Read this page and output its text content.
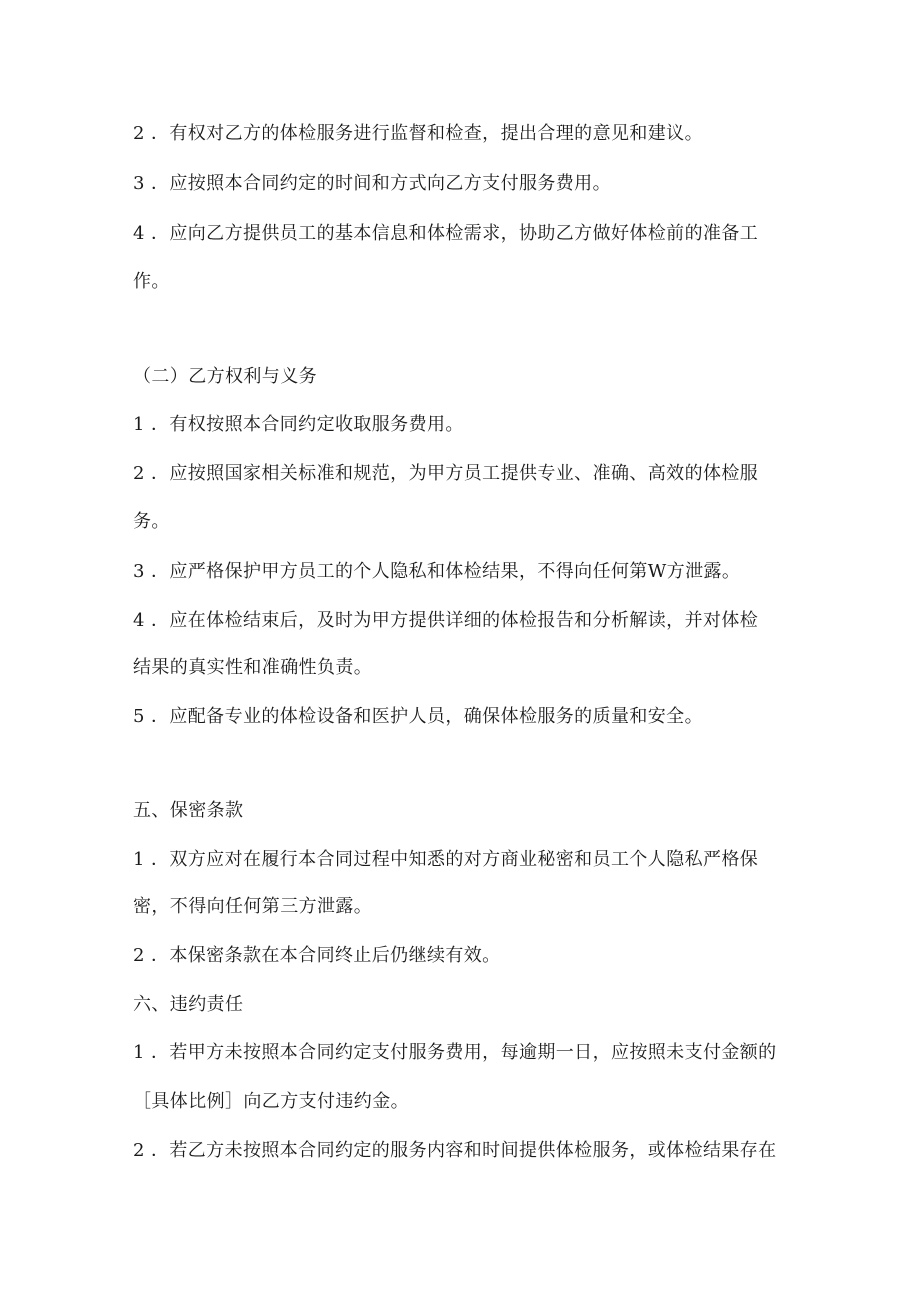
2 ．有权对乙方的体检服务进行监督和检查，提出合理的意见和建议。
3 ．应按照本合同约定的时间和方式向乙方支付服务费用。
4 ．应向乙方提供员工的基本信息和体检需求，协助乙方做好体检前的准备工
作。
（二）乙方权利与义务
1 ．有权按照本合同约定收取服务费用。
2 ．应按照国家相关标准和规范，为甲方员工提供专业、准确、高效的体检服
务。
3 ．应严格保护甲方员工的个人隐私和体检结果，不得向任何第W方泄露。
4 ．应在体检结束后，及时为甲方提供详细的体检报告和分析解读，并对体检
结果的真实性和准确性负责。
5 ．应配备专业的体检设备和医护人员，确保体检服务的质量和安全。
五、保密条款
1 ．双方应对在履行本合同过程中知悉的对方商业秘密和员工个人隐私严格保
密，不得向任何第三方泄露。
2 ．本保密条款在本合同终止后仍继续有效。
六、违约责任
1 ．若甲方未按照本合同约定支付服务费用，每逾期一日，应按照未支付金额的
［具体比例］向乙方支付违约金。
2 ．若乙方未按照本合同约定的服务内容和时间提供体检服务，或体检结果存在
